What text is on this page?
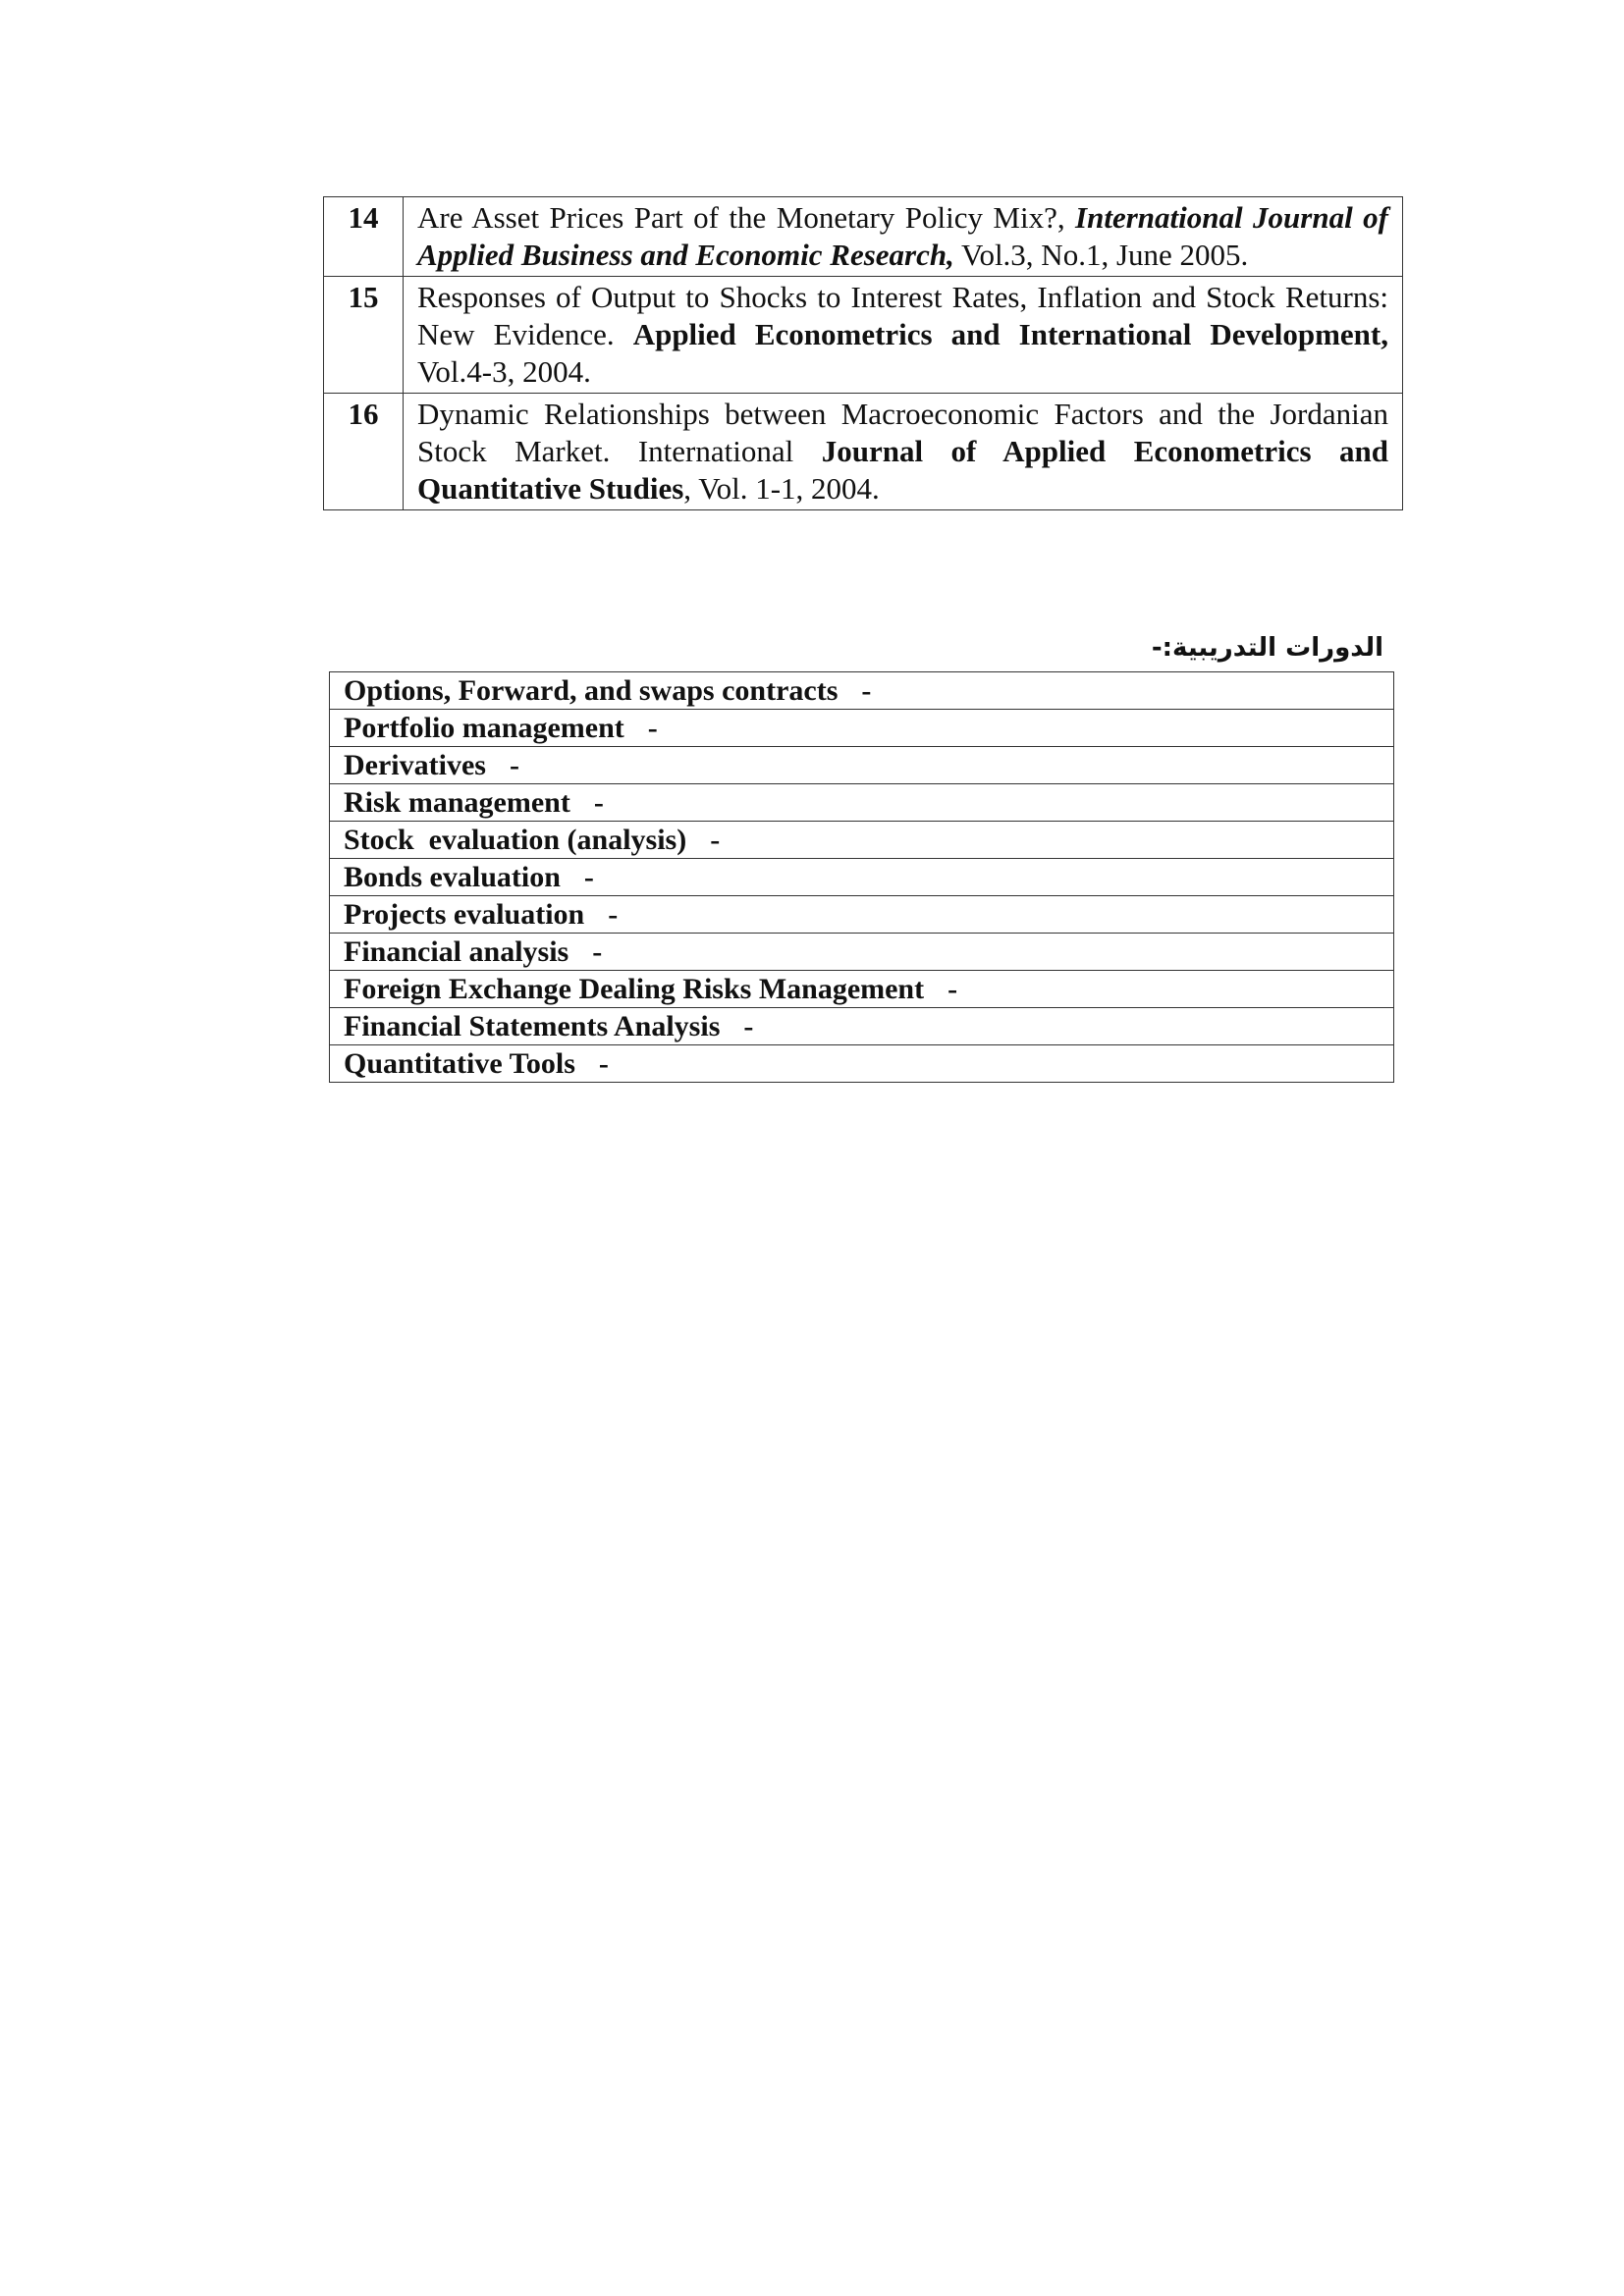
14	Are Asset Prices Part of the Monetary Policy Mix?, International Journal of Applied Business and Economic Research, Vol.3, No.1, June 2005.
15	Responses of Output to Shocks to Interest Rates, Inflation and Stock Returns: New Evidence. Applied Econometrics and International Development, Vol.4-3, 2004.
16	Dynamic Relationships between Macroeconomic Factors and the Jordanian Stock Market. International Journal of Applied Econometrics and Quantitative Studies, Vol. 1-1, 2004.
الدورات التدريبية:-
Options, Forward, and swaps contracts -
Portfolio management -
Derivatives -
Risk management -
Stock  evaluation (analysis) -
Bonds evaluation -
Projects evaluation -
Financial analysis -
Foreign Exchange Dealing Risks Management -
Financial Statements Analysis -
Quantitative Tools -
